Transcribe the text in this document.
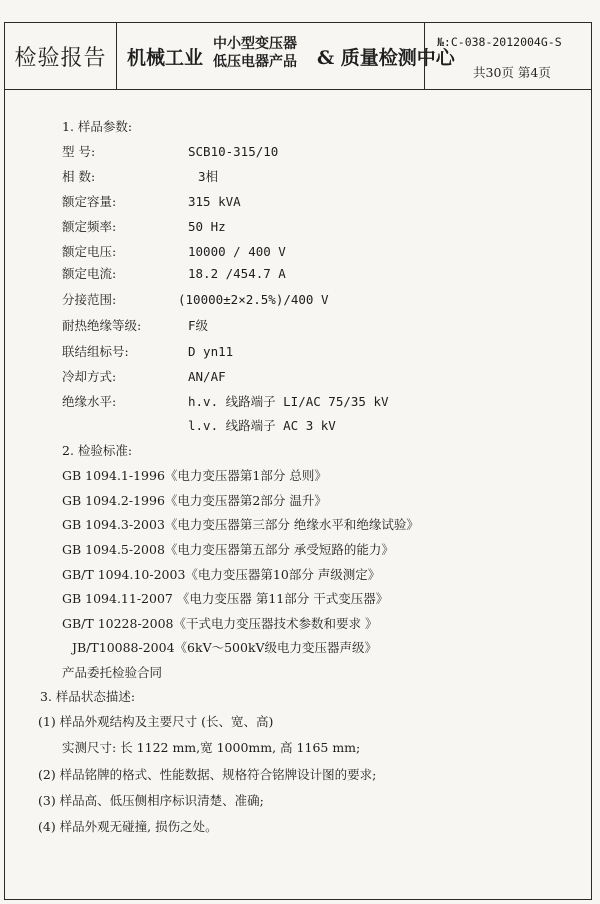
检验报告	机械工业
中小型变压器
低压电器产品 & 质量检测中心
№:C-038-2012004G-S
共30页 第4页
1. 样品参数:
型 号:	SCB10-315/10
相 数:	3相
额定容量:	315 kVA
额定频率:	50 Hz
额定电压:	10000 / 400 V
额定电流:	18.2 /454.7 A
分接范围:	(10000±2×2.5%)/400 V
耐热绝缘等级:	F级
联结组标号:	D yn11
冷却方式:	AN/AF
绝缘水平:	h.v. 线路端子 LI/AC 75/35 kV
l.v. 线路端子 AC 3 kV
2. 检验标准:
GB 1094.1-1996《电力变压器第1部分 总则》
GB 1094.2-1996《电力变压器第2部分 温升》
GB 1094.3-2003《电力变压器第三部分 绝缘水平和绝缘试验》
GB 1094.5-2008《电力变压器第五部分 承受短路的能力》
GB/T 1094.10-2003《电力变压器第10部分 声级测定》
GB 1094.11-2007 《电力变压器 第11部分 干式变压器》
GB/T 10228-2008《干式电力变压器技术参数和要求 》
JB/T10088-2004《6kV～500kV级电力变压器声级》
产品委托检验合同
3. 样品状态描述:
(1) 样品外观结构及主要尺寸 (长、宽、高)
实测尺寸: 长 1122 mm,宽 1000mm, 高 1165 mm;
(2) 样品铭牌的格式、性能数据、规格符合铭牌设计图的要求;
(3) 样品高、低压侧相序标识清楚、准确;
(4) 样品外观无碰撞, 损伤之处。
